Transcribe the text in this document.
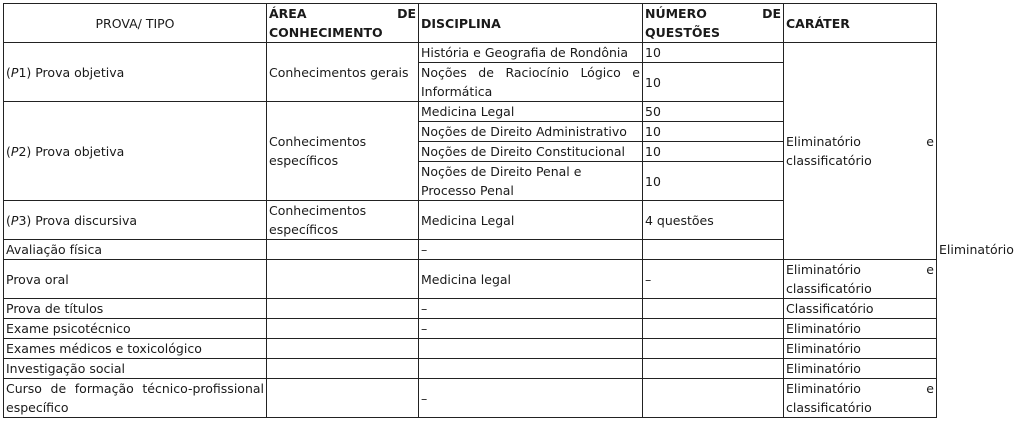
PROVA/ TIPO	ÁREA DE CONHECIMENTO	DISCIPLINA	NÚMERO DE QUESTÕES	CARÁTER	
(P1) Prova objetiva	Conhecimentos gerais	História e Geografia de Rondônia	10	Eliminatório e classificatório	
		Noções de Raciocínio Lógico e Informática	10		
(P2) Prova objetiva	Conhecimentos específicos	Medicina Legal	50		
		Noções de Direito Administrativo	10		
		Noções de Direito Constitucional	10		
		Noções de Direito Penal e Processo Penal	10		
(P3) Prova discursiva	Conhecimentos específicos	Medicina Legal	4 questões		
Avaliação física		–			Eliminatório
Prova oral		Medicina legal	–	Eliminatório e classificatório	
Prova de títulos		–		Classificatório	
Exame psicotécnico		–		Eliminatório	
Exames médicos e toxicológico				Eliminatório	
Investigação social				Eliminatório	
Curso de formação técnico-profissional específico		–		Eliminatório e classificatório	
